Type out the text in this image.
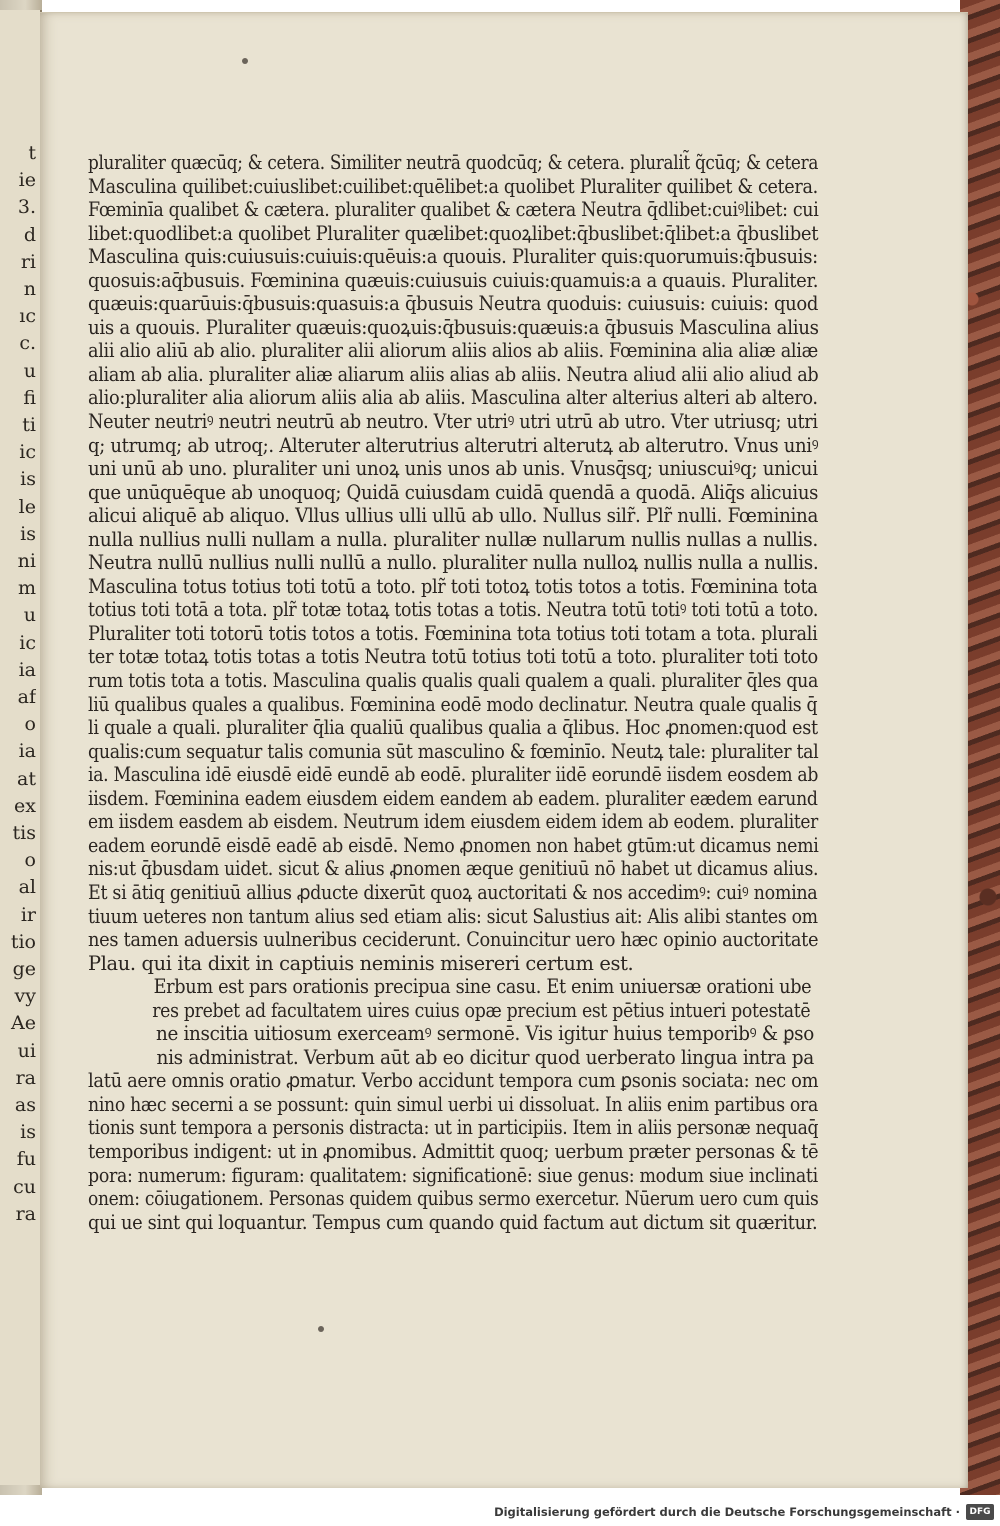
t
ie
3.
d
ri
n
ıc
c.
u
fi
ti
ic
is
le
is
ni
m
u
ic
ia
af
o
ia
at
ex
tis
o
al
ir
tio
ge
vy
Ae
ui
ra
as
is
fu
cu
ra
pluraliter quæcūq; & cetera. Similiter neutrā quodcūq; & cetera. pluralit̃ q̃cūq; & cetera
Masculina quilibet:cuiuslibet:cuilibet:quēlibet:a quolibet Pluraliter quilibet & cetera.
Fœminīa qualibet & cætera. pluraliter qualibet & cætera Neutra q̄dlibet:cuiꝰlibet: cui
libet:quodlibet:a quolibet Pluraliter quælibet:quoꝝlibet:q̄buslibet:q̄libet:a q̄buslibet
Masculina quis:cuiusuis:cuiuis:quēuis:a quouis. Pluraliter quis:quorumuis:q̄busuis:
quosuis:aq̄busuis. Fœminina quæuis:cuiusuis cuiuis:quamuis:a a quauis. Pluraliter.
quæuis:quarūuis:q̄busuis:quasuis:a q̄busuis Neutra quoduis: cuiusuis: cuiuis: quod
uis a quouis. Pluraliter quæuis:quoꝝuis:q̄busuis:quæuis:a q̄busuis Masculina alius
alii alio aliū ab alio. pluraliter alii aliorum aliis alios ab aliis. Fœminina alia aliæ aliæ
aliam ab alia. pluraliter aliæ aliarum aliis alias ab aliis. Neutra aliud alii alio aliud ab
alio:pluraliter alia aliorum aliis alia ab aliis. Masculina alter alterius alteri ab altero.
Neuter neutriꝰ neutri neutrū ab neutro. Vter utriꝰ utri utrū ab utro. Vter utriusq; utri
q; utrumq; ab utroq;. Alteruter alterutrius alterutri alterutꝝ ab alterutro. Vnus uniꝰ
uni unū ab uno. pluraliter uni unoꝝ unis unos ab unis. Vnusq̄sq; uniuscuiꝰq; unicui
que unūquēque ab unoquoq; Quidā cuiusdam cuidā quendā a quodā. Aliq̄s alicuius
alicui aliquē ab aliquo. Vllus ullius ulli ullū ab ullo. Nullus silr̃. Plr̃ nulli. Fœminina
nulla nullius nulli nullam a nulla. pluraliter nullæ nullarum nullis nullas a nullis.
Neutra nullū nullius nulli nullū a nullo. pluraliter nulla nulloꝝ nullis nulla a nullis.
Masculina totus totius toti totū a toto. plr̃ toti totoꝝ totis totos a totis. Fœminina tota
totius toti totā a tota. plr̃ totæ totaꝝ totis totas a totis. Neutra totū totiꝰ toti totū a toto.
Pluraliter toti totorū totis totos a totis. Fœminina tota totius toti totam a tota. plurali
ter totæ totaꝝ totis totas a totis Neutra totū totius toti totū a toto. pluraliter toti toto
rum totis tota a totis. Masculina qualis qualis quali qualem a quali. pluraliter q̄les qua
liū qualibus quales a qualibus. Fœminina eodē modo declinatur. Neutra quale qualis q̄
li quale a quali. pluraliter q̄lia qualiū qualibus qualia a q̄libus. Hoc ꝓnomen:quod est
qualis:cum sequatur talis comunia sūt masculino & fœminīo. Neutꝝ tale: pluraliter tal
ia. Masculina idē eiusdē eidē eundē ab eodē. pluraliter iidē eorundē iisdem eosdem ab
iisdem. Fœminina eadem eiusdem eidem eandem ab eadem. pluraliter eædem earund
em iisdem easdem ab eisdem. Neutrum idem eiusdem eidem idem ab eodem. pluraliter
eadem eorundē eisdē eadē ab eisdē. Nemo ꝓnomen non habet gtūm:ut dicamus nemi
nis:ut q̄busdam uidet. sicut & alius ꝓnomen æque genitiuū nō habet ut dicamus alius.
Et si ātiq genitiuū allius ꝓducte dixerūt quoꝝ auctoritati & nos accedimꝰ: cuiꝰ nomina
tiuum ueteres non tantum alius sed etiam alis: sicut Salustius ait: Alis alibi stantes om
nes tamen aduersis uulneribus ceciderunt. Conuincitur uero hæc opinio auctoritate
Plau. qui ita dixit in captiuis neminis misereri certum est.
Erbum est pars orationis precipua sine casu. Et enim uniuersæ orationi ube
res prebet ad facultatem uires cuius opæ precium est pētius intueri potestatē
ne inscitia uitiosum exerceamꝰ sermonē. Vis igitur huius temporibꝰ & ꝑso
nis administrat. Verbum aūt ab eo dicitur quod uerberato lingua intra pa
latū aere omnis oratio ꝓmatur. Verbo accidunt tempora cum ꝑsonis sociata: nec om
nino hæc secerni a se possunt: quin simul uerbi ui dissoluat. In aliis enim partibus ora
tionis sunt tempora a personis distracta: ut in participiis. Item in aliis personæ nequaq̄
temporibus indigent: ut in ꝓnomibus. Admittit quoq; uerbum præter personas & tē
pora: numerum: figuram: qualitatem: significationē: siue genus: modum siue inclinati
onem: cōiugationem. Personas quidem quibus sermo exercetur. Nūerum uero cum quis
qui ue sint qui loquantur. Tempus cum quando quid factum aut dictum sit quæritur.
Digitalisierung gefördert durch die Deutsche Forschungsgemeinschaft ·	DFG
